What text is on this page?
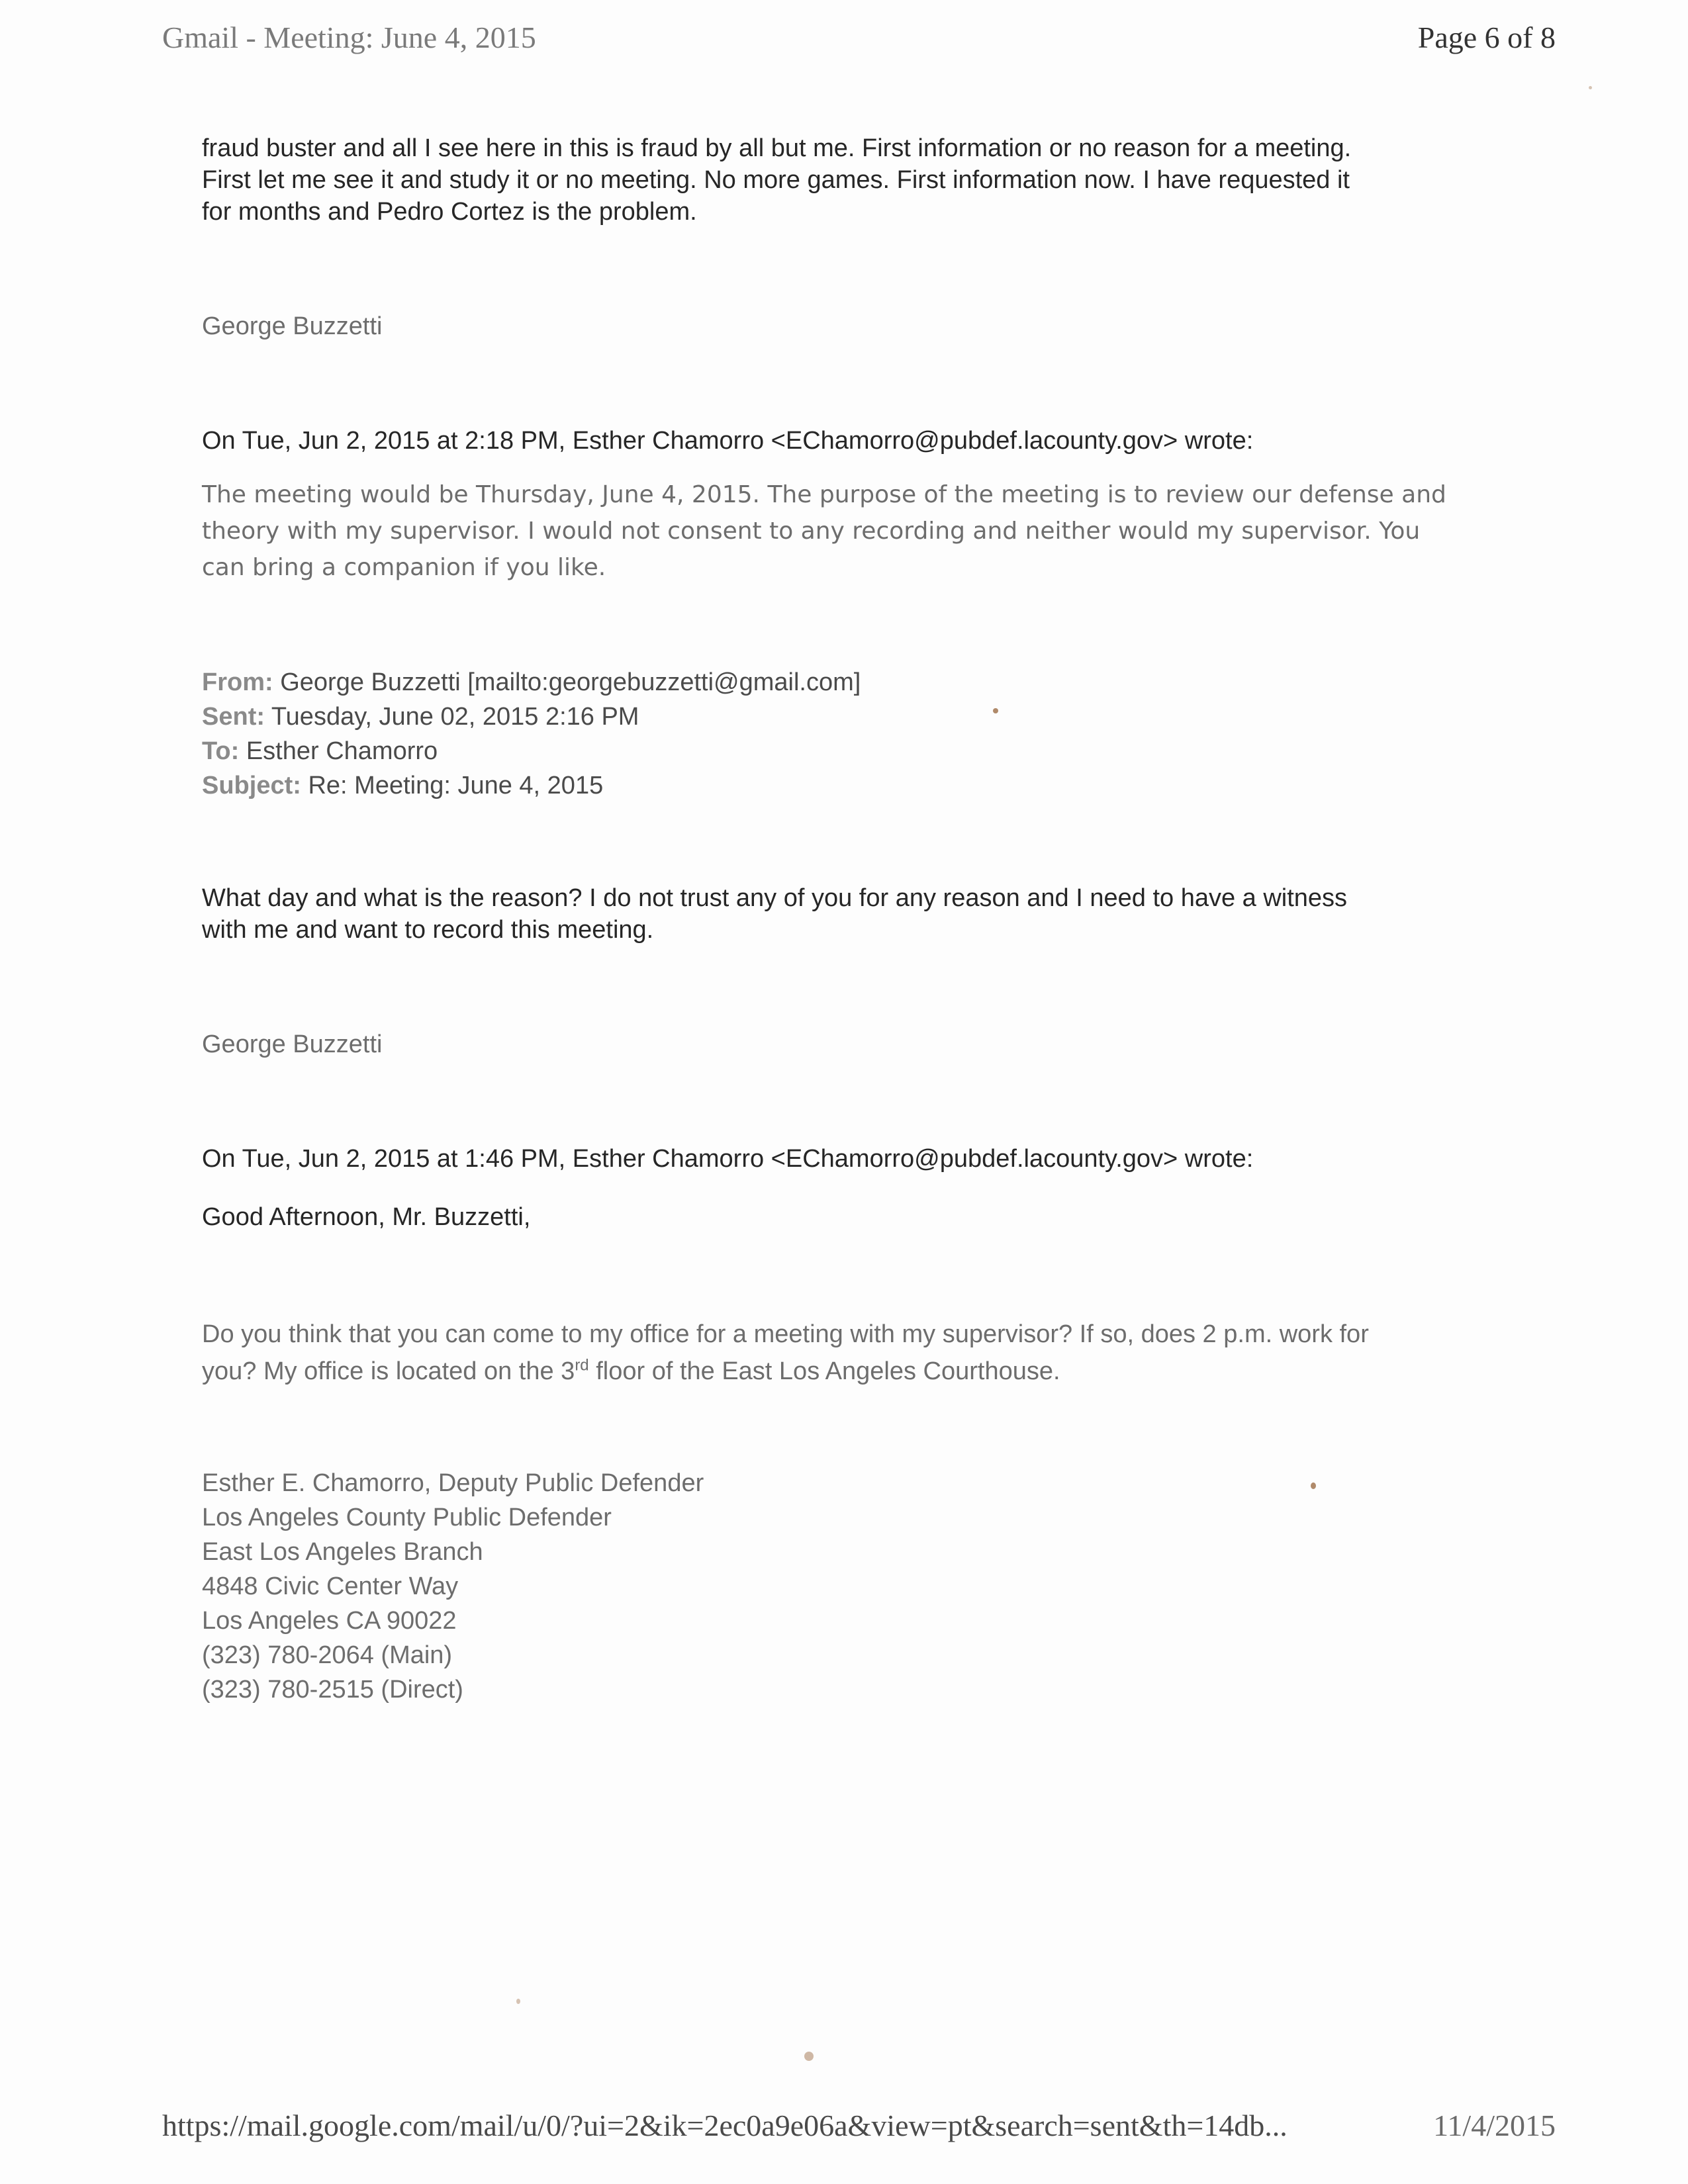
Gmail - Meeting: June 4, 2015	Page 6 of 8

fraud buster and all I see here in this is fraud by all but me. First information or no reason for a meeting.

First let me see it and study it or no meeting. No more games. First information now. I have requested it

for months and Pedro Cortez is the problem.

George Buzzetti

On Tue, Jun 2, 2015 at 2:18 PM, Esther Chamorro <EChamorro@pubdef.lacounty.gov> wrote:

The meeting would be Thursday, June 4, 2015. The purpose of the meeting is to review our defense and

theory with my supervisor. I would not consent to any recording and neither would my supervisor. You

can bring a companion if you like.

From: George Buzzetti [mailto:georgebuzzetti@gmail.com]

Sent: Tuesday, June 02, 2015 2:16 PM

To: Esther Chamorro

Subject: Re: Meeting: June 4, 2015

What day and what is the reason? I do not trust any of you for any reason and I need to have a witness

with me and want to record this meeting.

George Buzzetti

On Tue, Jun 2, 2015 at 1:46 PM, Esther Chamorro <EChamorro@pubdef.lacounty.gov> wrote:

Good Afternoon, Mr. Buzzetti,

Do you think that you can come to my office for a meeting with my supervisor? If so, does 2 p.m. work for

you? My office is located on the 3rd floor of the East Los Angeles Courthouse.

Esther E. Chamorro, Deputy Public Defender

Los Angeles County Public Defender

East Los Angeles Branch

4848 Civic Center Way

Los Angeles CA 90022

(323) 780-2064 (Main)

(323) 780-2515 (Direct)

https://mail.google.com/mail/u/0/?ui=2&ik=2ec0a9e06a&view=pt&search=sent&th=14db...	11/4/2015
